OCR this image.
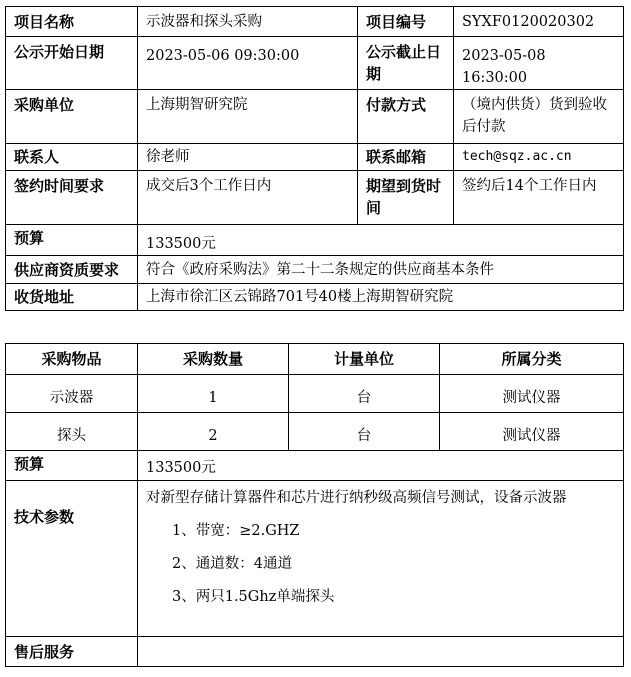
项目名称	示波器和探头采购	项目编号	SYXF0120020302
公示开始日期	2023-05-06 09:30:00	公示截止日期	2023-05-08 16:30:00
采购单位	上海期智研究院	付款方式	（境内供货）货到验收后付款
联系人	徐老师	联系邮箱	tech@sqz.ac.cn
签约时间要求	成交后3个工作日内	期望到货时间	签约后14个工作日内
预算	133500元		
供应商资质要求	符合《政府采购法》第二十二条规定的供应商基本条件		
收货地址	上海市徐汇区云锦路701号40楼上海期智研究院		
采购物品	采购数量	计量单位	所属分类
示波器	1	台	测试仪器
探头	2	台	测试仪器
预算	133500元		
技术参数	对新型存储计算器件和芯片进行纳秒级高频信号测试，设备示波器
1、带宽：≥2.GHZ
2、通道数：4通道
3、两只1.5Ghz单端探头		

售后服务			
